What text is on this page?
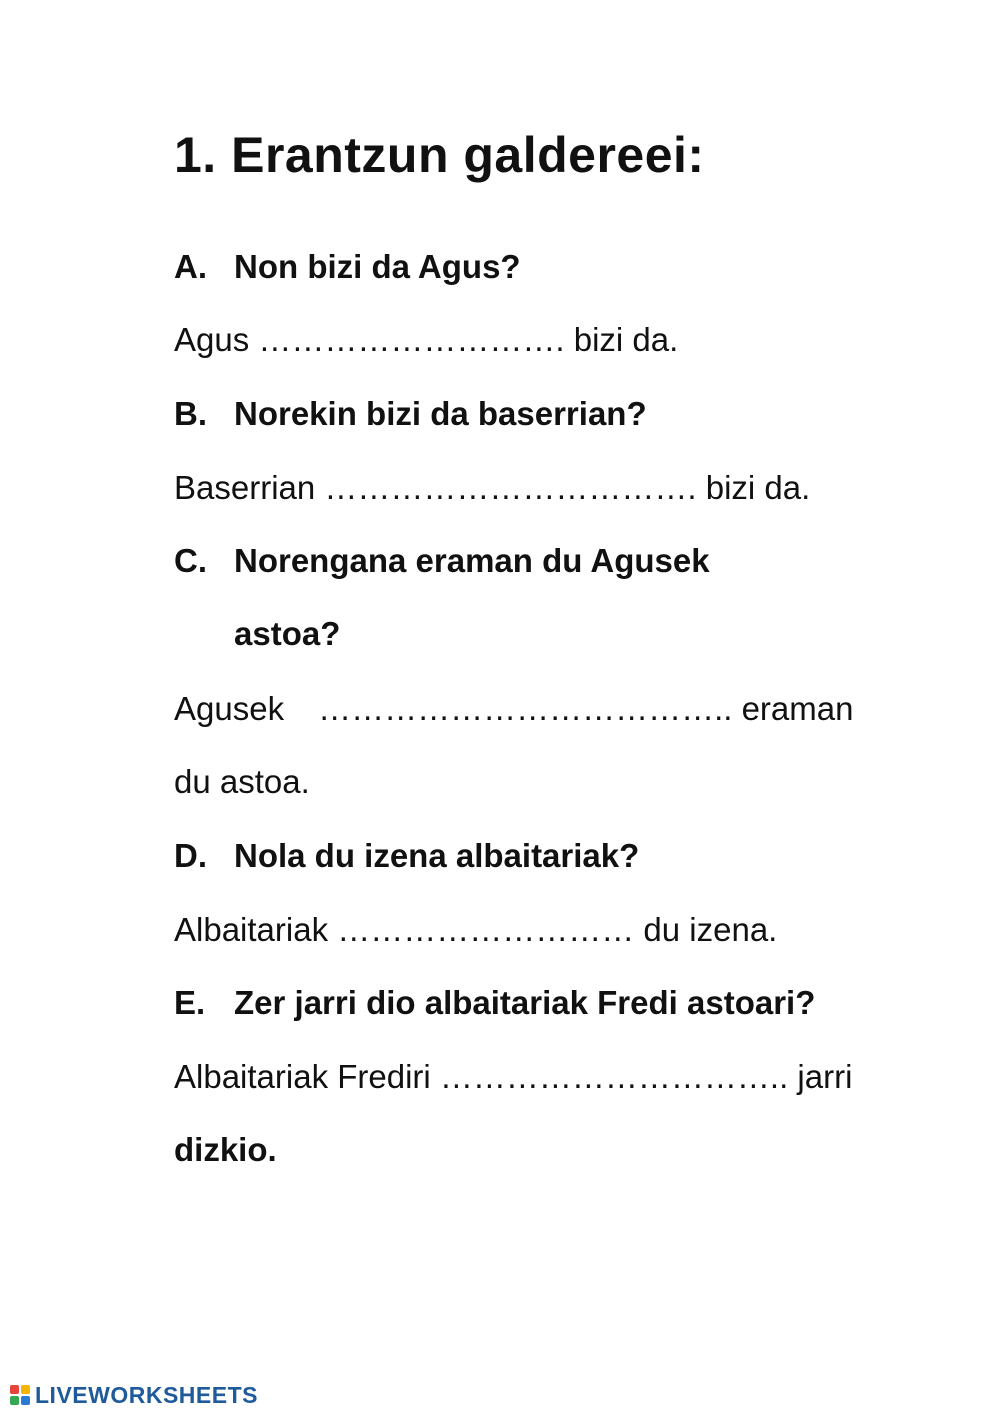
1. Erantzun galdereei:
A. Non bizi da Agus?
Agus ………………………. bizi da.
B. Norekin bizi da baserrian?
Baserrian ……………………………. bizi da.
C. Norengana eraman du Agusek
astoa?
Agusek ……………………………….. eraman
du astoa.
D. Nola du izena albaitariak?
Albaitariak ……………………… du izena.
E. Zer jarri dio albaitariak Fredi astoari?
Albaitariak Frediri ………………………….. jarri
dizkio.
LIVEWORKSHEETS
